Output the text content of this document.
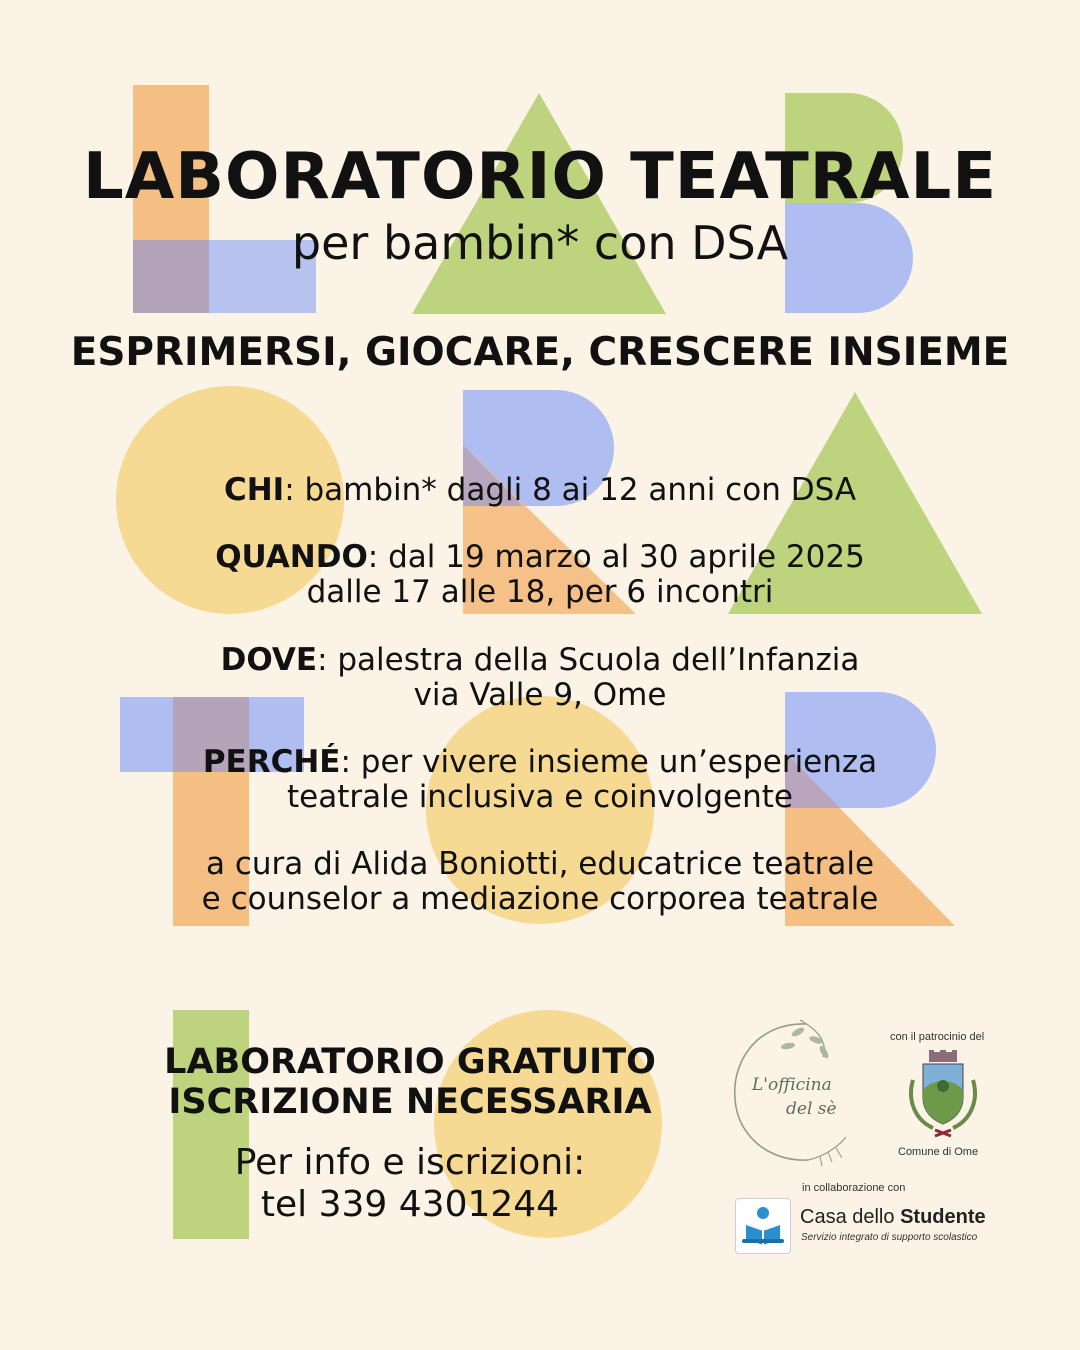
LABORATORIO TEATRALE
per bambin* con DSA
ESPRIMERSI, GIOCARE, CRESCERE INSIEME
CHI: bambin* dagli 8 ai 12 anni con DSA
QUANDO: dal 19 marzo al 30 aprile 2025
dalle 17 alle 18, per 6 incontri
DOVE: palestra della Scuola dell’Infanzia
via Valle 9, Ome
PERCHÉ: per vivere insieme un’esperienza
teatrale inclusiva e coinvolgente
a cura di Alida Boniotti, educatrice teatrale
e counselor a mediazione corporea teatrale
LABORATORIO GRATUITO
ISCRIZIONE NECESSARIA
Per info e iscrizioni:
tel 339 4301244
L'officina
del sè
con il patrocinio del
Comune di Ome
in collaborazione con
Casa dello Studente
Servizio integrato di supporto scolastico
